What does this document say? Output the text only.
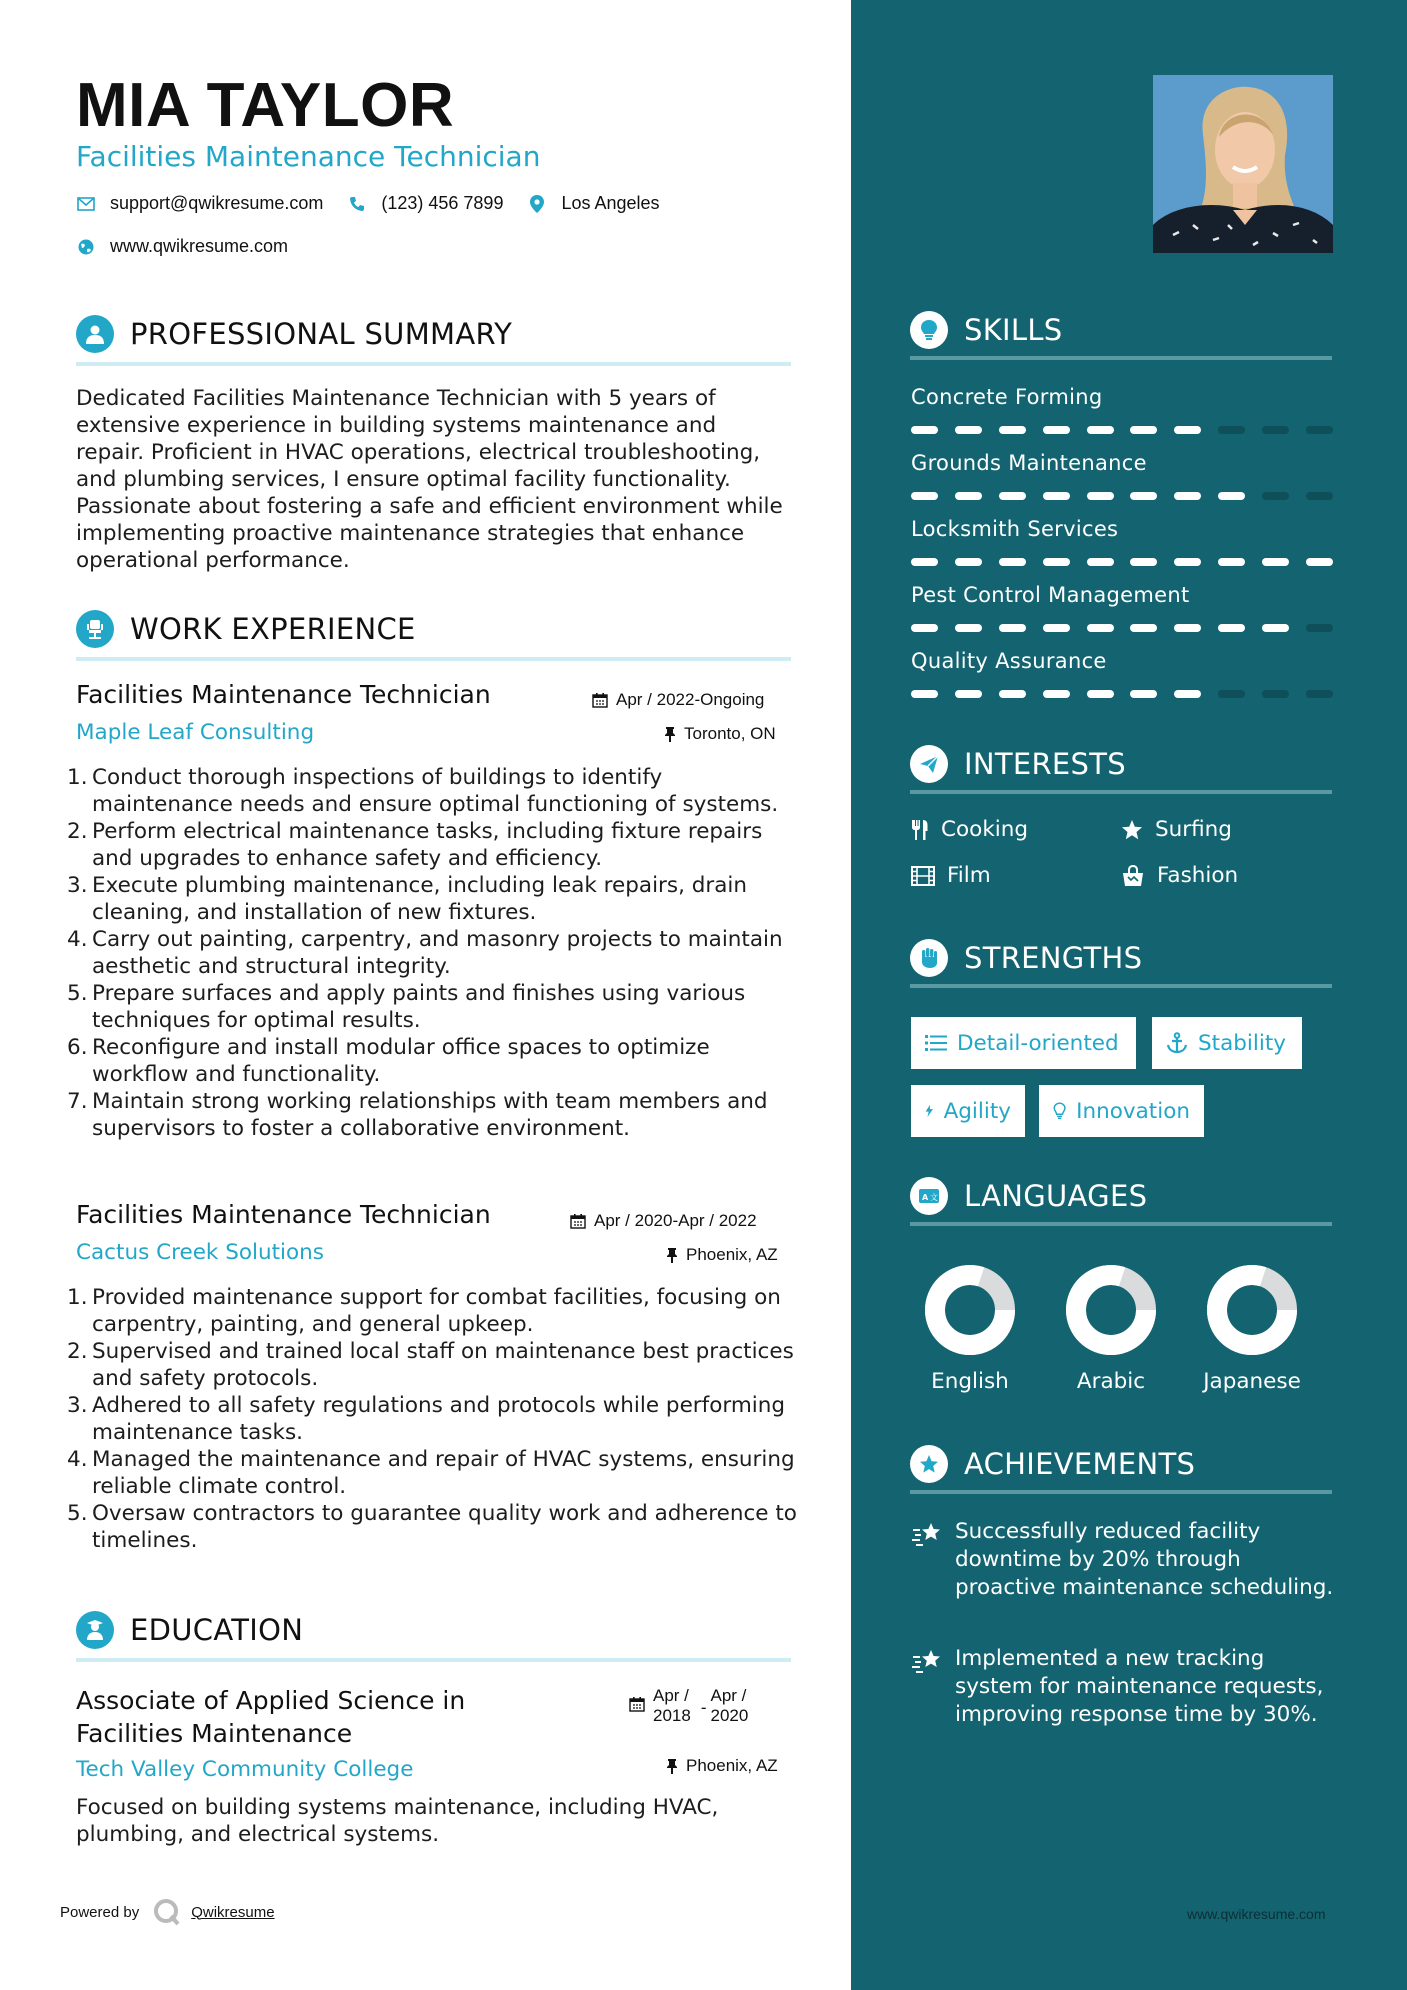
MIA TAYLOR
Facilities Maintenance Technician
support@qwikresume.com	(123) 456 7899	Los Angeles
www.qwikresume.com
PROFESSIONAL SUMMARY
Dedicated Facilities Maintenance Technician with 5 years of extensive experience in building systems maintenance and repair. Proficient in HVAC operations, electrical troubleshooting, and plumbing services, I ensure optimal facility functionality. Passionate about fostering a safe and efficient environment while implementing proactive maintenance strategies that enhance operational performance.
WORK EXPERIENCE
Facilities Maintenance Technician	Apr / 2022-Ongoing
Maple Leaf Consulting	Toronto, ON
Conduct thorough inspections of buildings to identify maintenance needs and ensure optimal functioning of systems.
Perform electrical maintenance tasks, including fixture repairs and upgrades to enhance safety and efficiency.
Execute plumbing maintenance, including leak repairs, drain cleaning, and installation of new fixtures.
Carry out painting, carpentry, and masonry projects to maintain aesthetic and structural integrity.
Prepare surfaces and apply paints and finishes using various techniques for optimal results.
Reconfigure and install modular office spaces to optimize workflow and functionality.
Maintain strong working relationships with team members and supervisors to foster a collaborative environment.
Facilities Maintenance Technician	Apr / 2020-Apr / 2022
Cactus Creek Solutions	Phoenix, AZ
Provided maintenance support for combat facilities, focusing on carpentry, painting, and general upkeep.
Supervised and trained local staff on maintenance best practices and safety protocols.
Adhered to all safety regulations and protocols while performing maintenance tasks.
Managed the maintenance and repair of HVAC systems, ensuring reliable climate control.
Oversaw contractors to guarantee quality work and adherence to timelines.
EDUCATION
Associate of Applied Science in
Facilities Maintenance
Apr /
2018 -
Apr /
2020
Tech Valley Community College	Phoenix, AZ
Focused on building systems maintenance, including HVAC, plumbing, and electrical systems.
Powered by	Qwikresume
SKILLS
Concrete Forming
Grounds Maintenance
Locksmith Services
Pest Control Management
Quality Assurance
INTERESTS
Cooking	Surfing
Film	Fashion
STRENGTHS
Detail-oriented	Stability
Agility	Innovation
A 文 LANGUAGES
English	Arabic	Japanese
ACHIEVEMENTS
Successfully reduced facility downtime by 20% through proactive maintenance scheduling.
Implemented a new tracking system for maintenance requests, improving response time by 30%.
www.qwikresume.com
